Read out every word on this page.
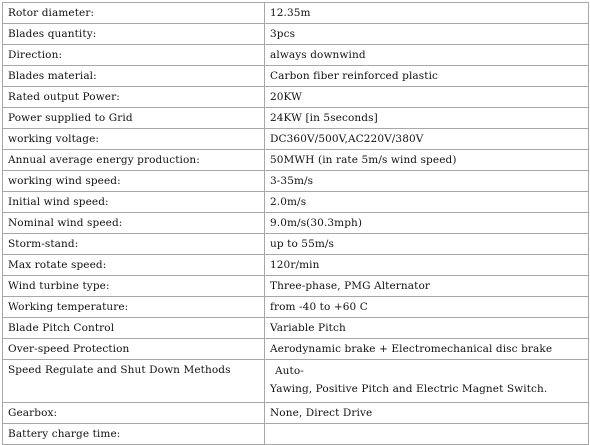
Rotor diameter:	12.35m
Blades quantity:	3pcs
Direction:	always downwind
Blades material:	Carbon fiber reinforced plastic
Rated output Power:	20KW
Power supplied to Grid	24KW [in 5seconds]
working voltage:	DC360V/500V,AC220V/380V
Annual average energy production:	50MWH (in rate 5m/s wind speed)
working wind speed:	3-35m/s
Initial wind speed:	2.0m/s
Nominal wind speed:	9.0m/s(30.3mph)
Storm-stand:	up to 55m/s
Max rotate speed:	120r/min
Wind turbine type:	Three-phase, PMG Alternator
Working temperature:	from -40 to +60 C
Blade Pitch Control	Variable Pitch
Over-speed Protection	Aerodynamic brake + Electromechanical disc brake
Speed Regulate and Shut Down Methods	Auto-
Yawing, Positive Pitch and Electric Magnet Switch.

Gearbox:	None, Direct Drive
Battery charge time:	
